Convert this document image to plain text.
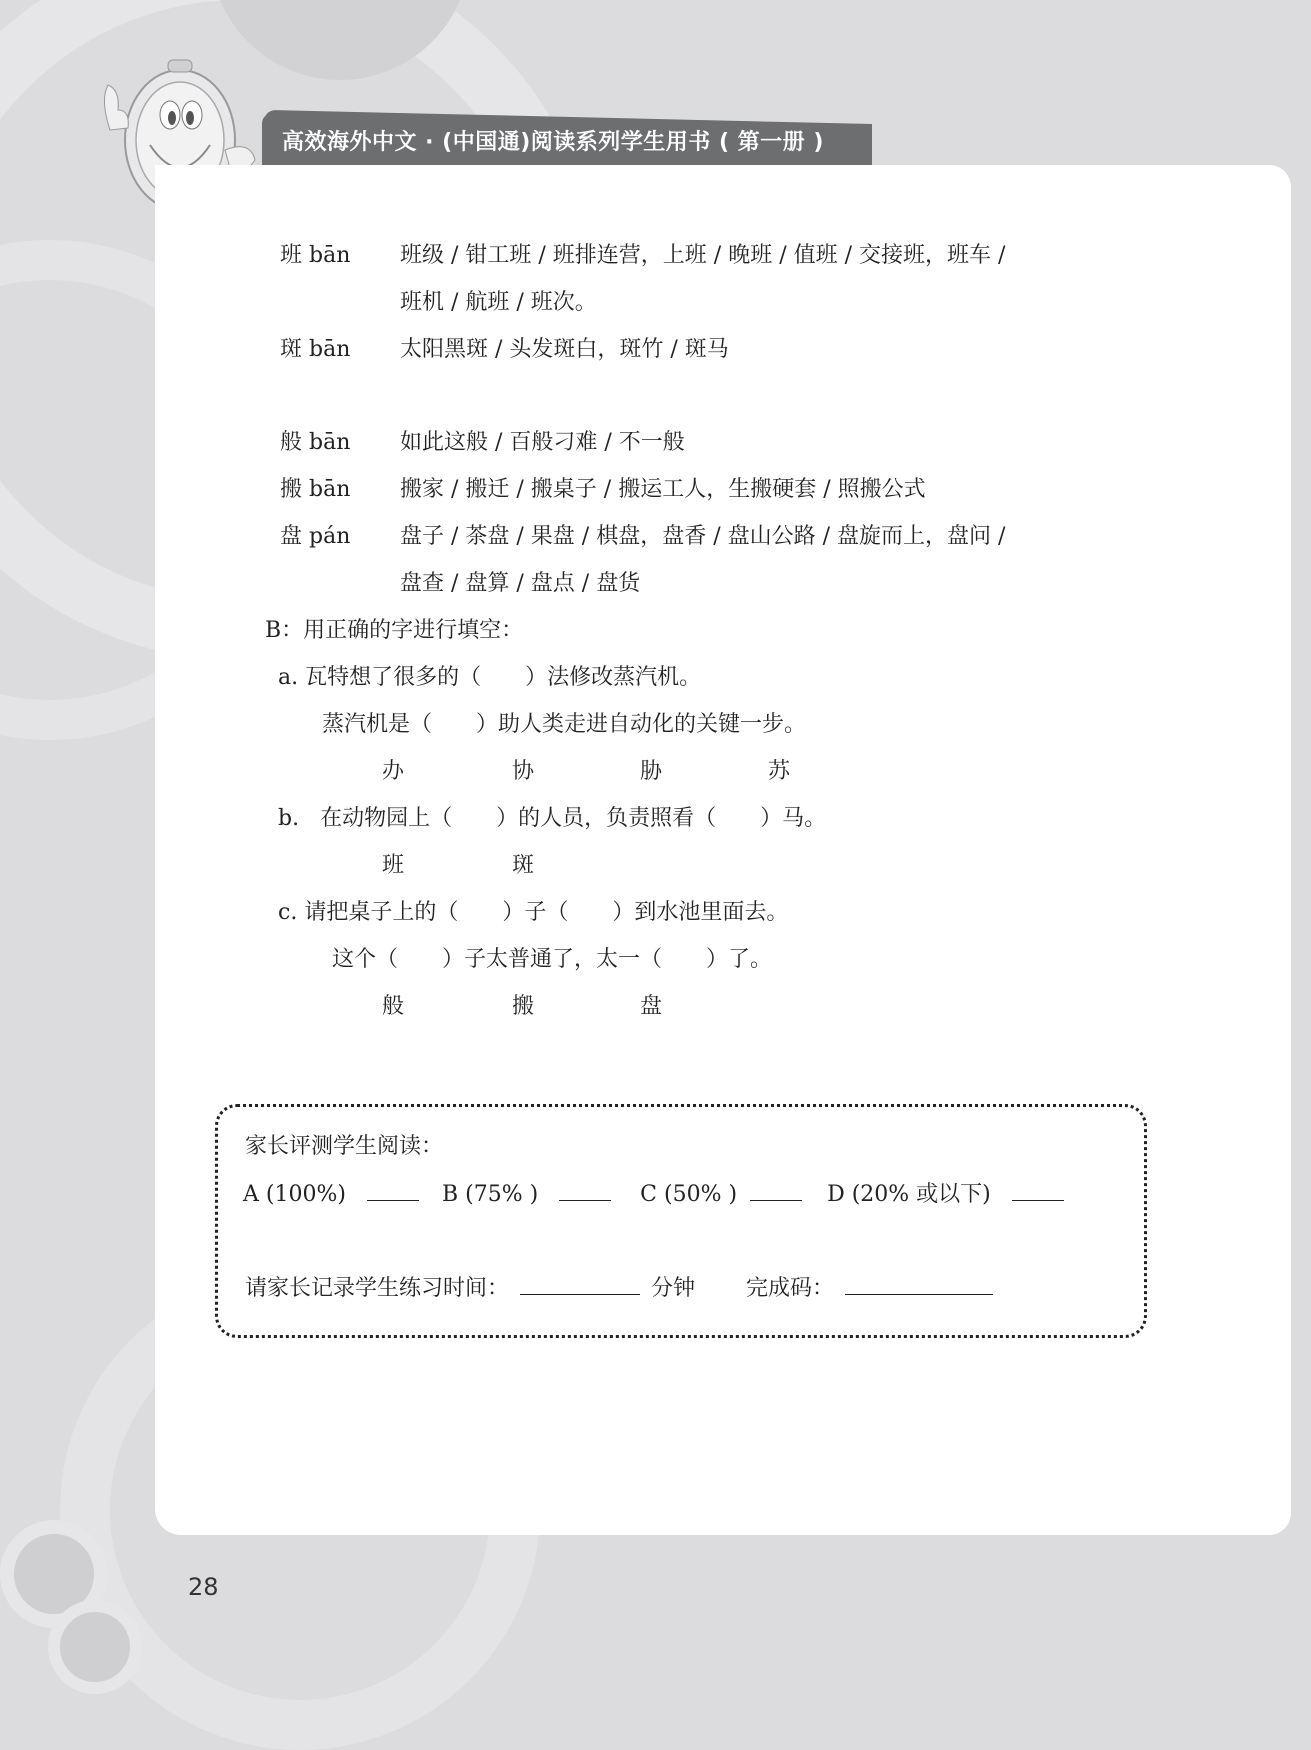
高效海外中文 · (中国通)阅读系列学生用书 ( 第一册 )
班 bān 班级 / 钳工班 / 班排连营，上班 / 晚班 / 值班 / 交接班，班车 /
班机 / 航班 / 班次。
斑 bān 太阳黑斑 / 头发斑白，斑竹 / 斑马
般 bān 如此这般 / 百般刁难 / 不一般
搬 bān 搬家 / 搬迁 / 搬桌子 / 搬运工人，生搬硬套 / 照搬公式
盘 pán 盘子 / 茶盘 / 果盘 / 棋盘，盘香 / 盘山公路 / 盘旋而上，盘问 /
盘查 / 盘算 / 盘点 / 盘货
B：用正确的字进行填空：
a. 瓦特想了很多的（　　）法修改蒸汽机。
蒸汽机是（　　）助人类走进自动化的关键一步。
办	协	胁	苏
b. 在动物园上（　　）的人员，负责照看（　　）马。
班	斑
c. 请把桌子上的（　　）子（　　）到水池里面去。
这个（　　）子太普通了，太一（　　）了。
般	搬	盘
家长评测学生阅读：
A (100%)	B (75% )	C (50% )	D (20% 或以下)
请家长记录学生练习时间：	分钟 完成码：
28
